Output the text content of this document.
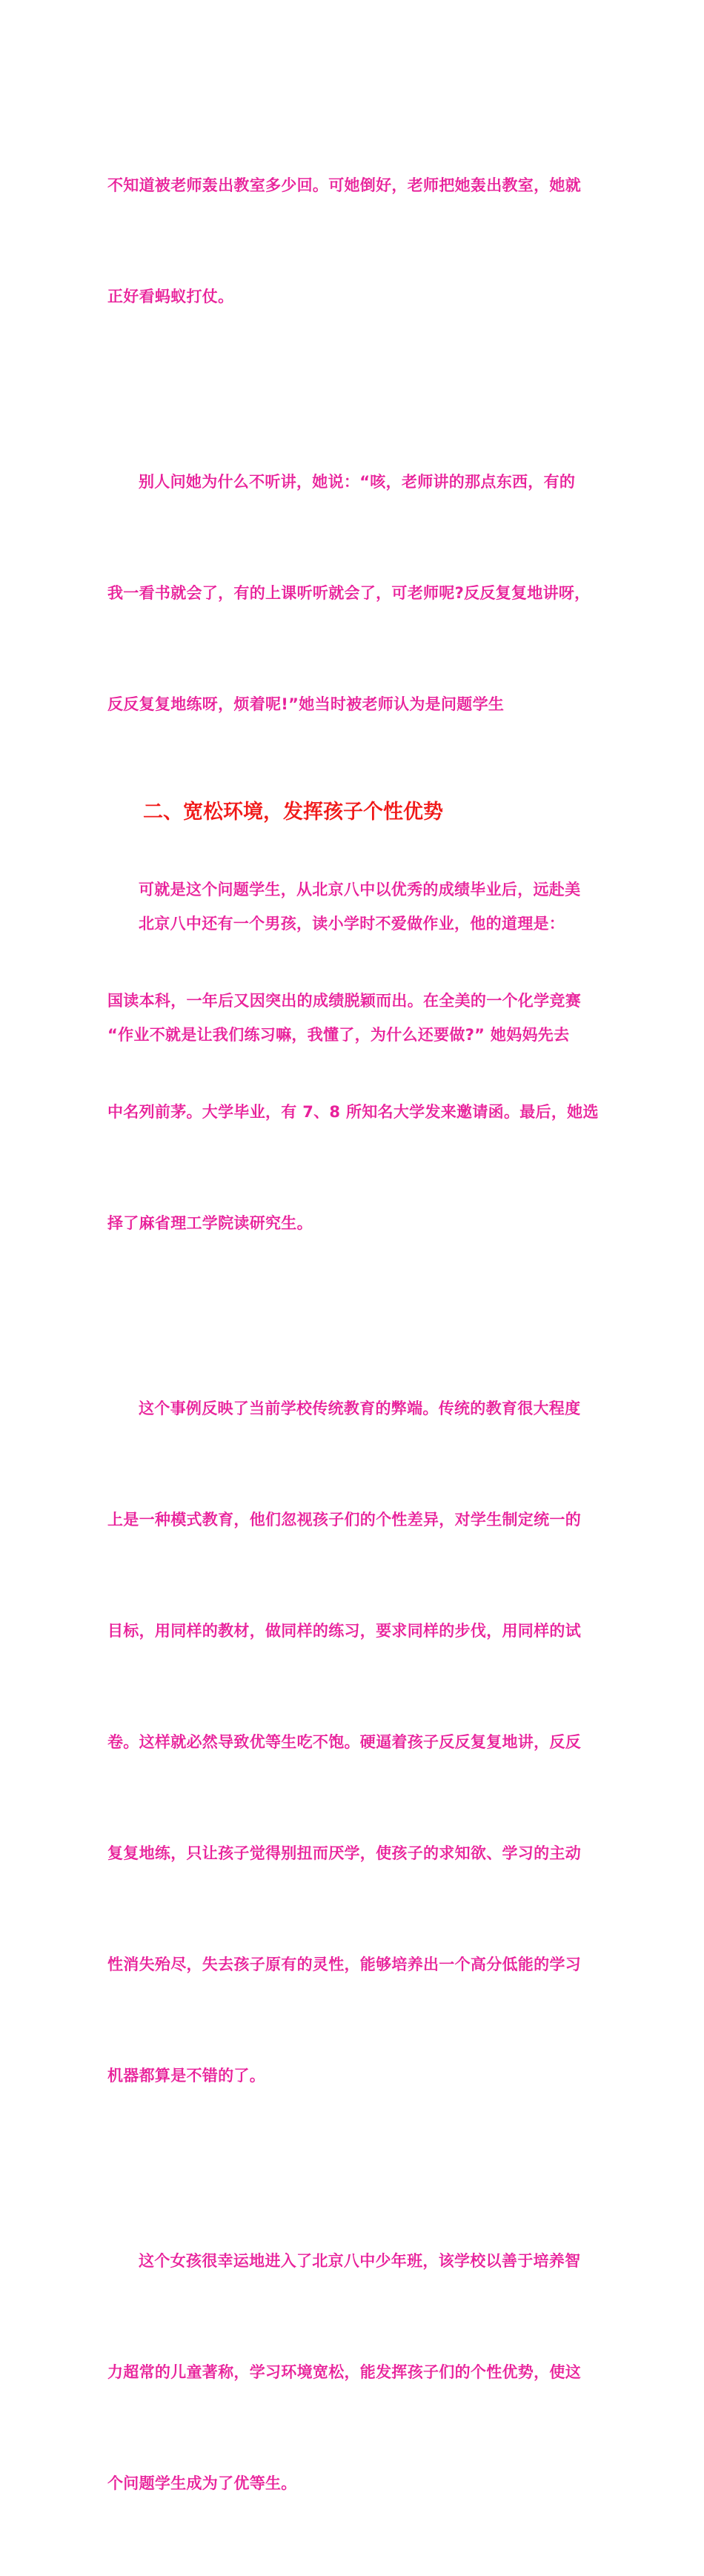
不知道被老师轰出教室多少回。可她倒好，老师把她轰出教室，她就

正好看蚂蚁打仗。

别人问她为什么不听讲，她说：“咳，老师讲的那点东西，有的

我一看书就会了，有的上课听听就会了，可老师呢?反反复复地讲呀，

反反复复地练呀，烦着呢!”她当时被老师认为是问题学生

可就是这个问题学生，从北京八中以优秀的成绩毕业后，远赴美

国读本科，一年后又因突出的成绩脱颖而出。在全美的一个化学竞赛

中名列前茅。大学毕业，有 7、8 所知名大学发来邀请函。最后，她选

择了麻省理工学院读研究生。

这个事例反映了当前学校传统教育的弊端。传统的教育很大程度

上是一种模式教育，他们忽视孩子们的个性差异，对学生制定统一的

目标，用同样的教材，做同样的练习，要求同样的步伐，用同样的试

卷。这样就必然导致优等生吃不饱。硬逼着孩子反反复复地讲，反反

复复地练，只让孩子觉得别扭而厌学，使孩子的求知欲、学习的主动

性消失殆尽，失去孩子原有的灵性，能够培养出一个高分低能的学习

机器都算是不错的了。

这个女孩很幸运地进入了北京八中少年班，该学校以善于培养智

力超常的儿童著称，学习环境宽松，能发挥孩子们的个性优势，使这

个问题学生成为了优等生。

二、宽松环境，发挥孩子个性优势

北京八中还有一个男孩，读小学时不爱做作业，他的道理是：

“作业不就是让我们练习嘛，我懂了，为什么还要做?” 她妈妈先去
